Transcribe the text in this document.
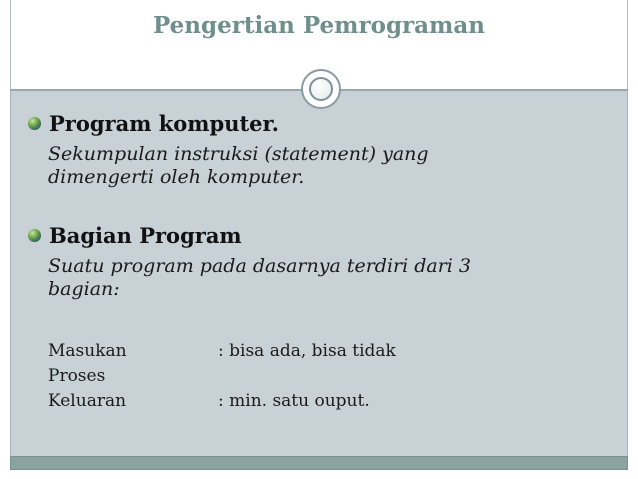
Pengertian Pemrograman
Program komputer.

Sekumpulan instruksi (statement) yang

dimengerti oleh komputer.

Bagian Program

Suatu program pada dasarnya terdiri dari 3

bagian:

Masukan	: bisa ada, bisa tidak
Proses
Keluaran	: min. satu ouput.
